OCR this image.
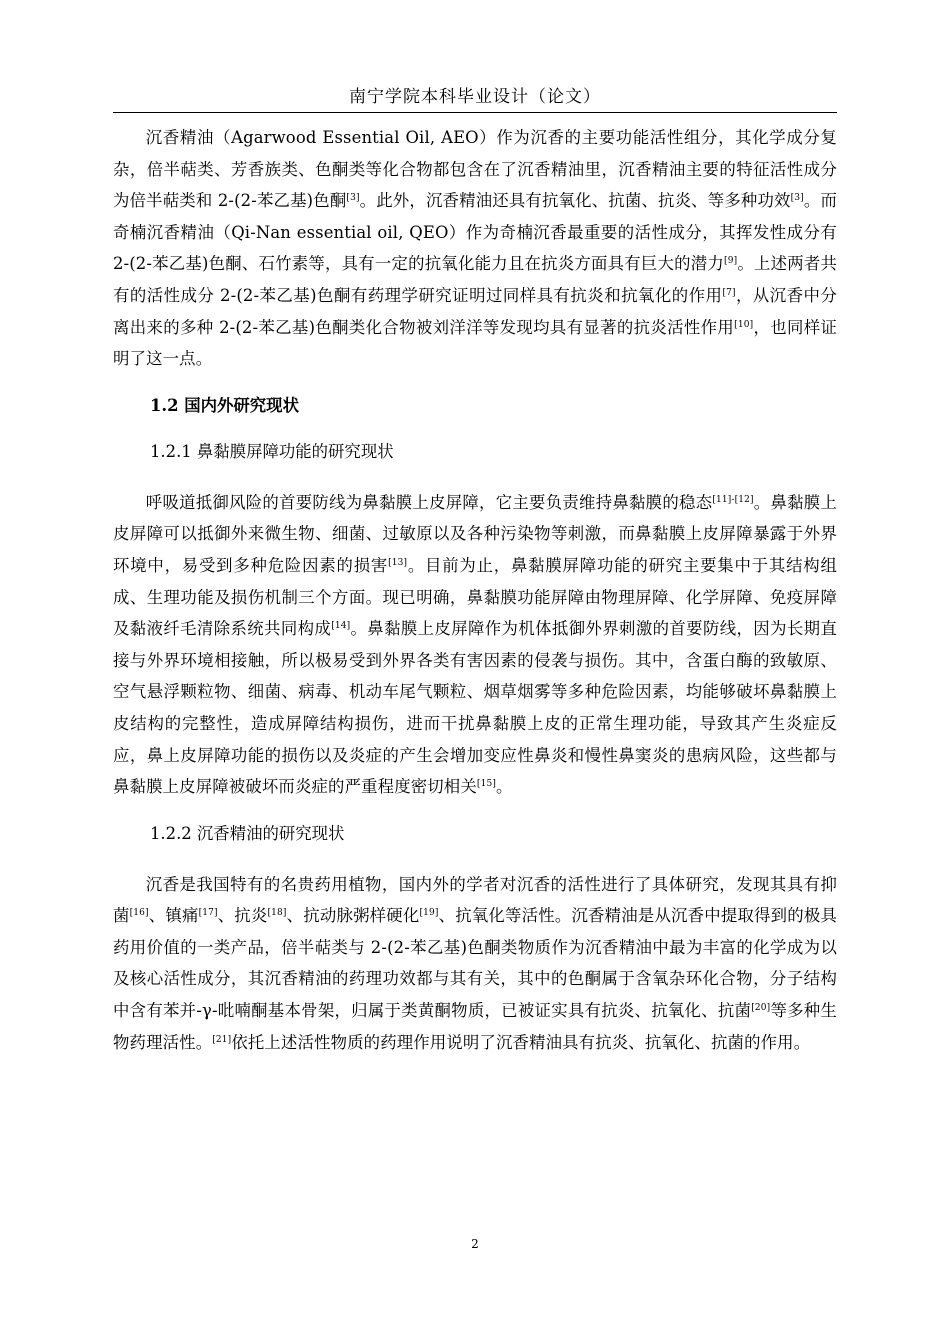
南宁学院本科毕业设计（论文）

沉香精油（Agarwood Essential Oil, AEO）作为沉香的主要功能活性组分，其化学成分复杂，倍半萜类、芳香族类、色酮类等化合物都包含在了沉香精油里，沉香精油主要的特征活性成分为倍半萜类和 2-(2-苯乙基)色酮[3]。此外，沉香精油还具有抗氧化、抗菌、抗炎、等多种功效[3]。而奇楠沉香精油（Qi-Nan essential oil, QEO）作为奇楠沉香最重要的活性成分，其挥发性成分有 2-(2-苯乙基)色酮、石竹素等，具有一定的抗氧化能力且在抗炎方面具有巨大的潜力[9]。上述两者共有的活性成分 2-(2-苯乙基)色酮有药理学研究证明过同样具有抗炎和抗氧化的作用[7]，从沉香中分离出来的多种 2-(2-苯乙基)色酮类化合物被刘洋洋等发现均具有显著的抗炎活性作用[10]，也同样证明了这一点。

1.2 国内外研究现状
1.2.1 鼻黏膜屏障功能的研究现状

呼吸道抵御风险的首要防线为鼻黏膜上皮屏障，它主要负责维持鼻黏膜的稳态[11]-[12]。鼻黏膜上皮屏障可以抵御外来微生物、细菌、过敏原以及各种污染物等刺激，而鼻黏膜上皮屏障暴露于外界环境中，易受到多种危险因素的损害[13]。目前为止，鼻黏膜屏障功能的研究主要集中于其结构组成、生理功能及损伤机制三个方面。现已明确，鼻黏膜功能屏障由物理屏障、化学屏障、免疫屏障及黏液纤毛清除系统共同构成[14]。鼻黏膜上皮屏障作为机体抵御外界刺激的首要防线，因为长期直接与外界环境相接触，所以极易受到外界各类有害因素的侵袭与损伤。其中，含蛋白酶的致敏原、空气悬浮颗粒物、细菌、病毒、机动车尾气颗粒、烟草烟雾等多种危险因素，均能够破坏鼻黏膜上皮结构的完整性，造成屏障结构损伤，进而干扰鼻黏膜上皮的正常生理功能，导致其产生炎症反应，鼻上皮屏障功能的损伤以及炎症的产生会增加变应性鼻炎和慢性鼻窦炎的患病风险，这些都与鼻黏膜上皮屏障被破坏而炎症的严重程度密切相关[15]。

1.2.2 沉香精油的研究现状

沉香是我国特有的名贵药用植物，国内外的学者对沉香的活性进行了具体研究，发现其具有抑菌[16]、镇痛[17]、抗炎[18]、抗动脉粥样硬化[19]、抗氧化等活性。沉香精油是从沉香中提取得到的极具药用价值的一类产品，倍半萜类与 2-(2-苯乙基)色酮类物质作为沉香精油中最为丰富的化学成为以及核心活性成分，其沉香精油的药理功效都与其有关，其中的色酮属于含氧杂环化合物，分子结构中含有苯并-γ-吡喃酮基本骨架，归属于类黄酮物质，已被证实具有抗炎、抗氧化、抗菌[20]等多种生物药理活性。[21]依托上述活性物质的药理作用说明了沉香精油具有抗炎、抗氧化、抗菌的作用。

2
